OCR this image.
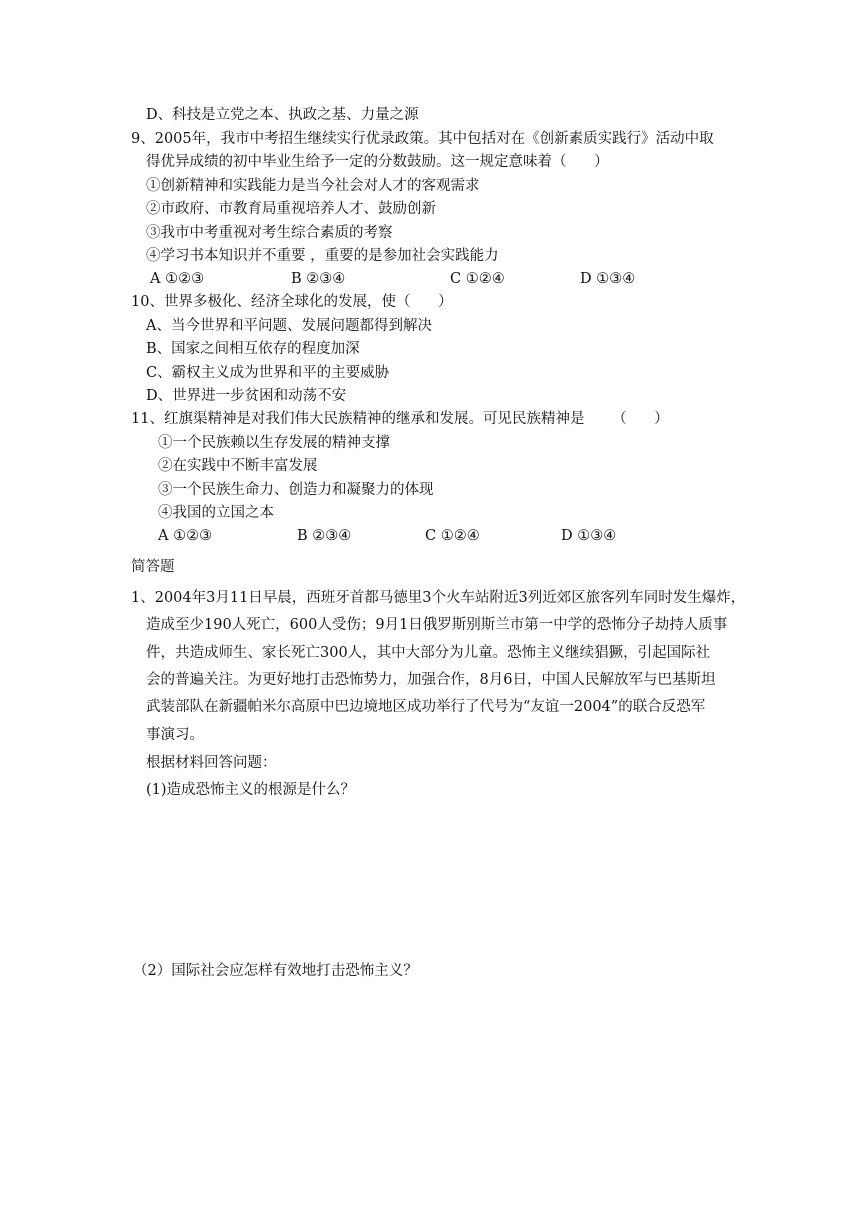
D、科技是立党之本、执政之基、力量之源
9、2005年，我市中考招生继续实行优录政策。其中包括对在《创新素质实践行》活动中取
得优异成绩的初中毕业生给予一定的分数鼓励。这一规定意味着（      ）
①创新精神和实践能力是当今社会对人才的客观需求
②市政府、市教育局重视培养人才、鼓励创新
③我市中考重视对考生综合素质的考察
④学习书本知识并不重要 ，重要的是参加社会实践能力
A ①②③	B ②③④	C ①②④	D ①③④
10、世界多极化、经济全球化的发展，使（      ）
A、当今世界和平问题、发展问题都得到解决
B、国家之间相互依存的程度加深
C、霸权主义成为世界和平的主要威胁
D、世界进一步贫困和动荡不安
11、红旗渠精神是对我们伟大民族精神的继承和发展。可见民族精神是      （      ）
①一个民族赖以生存发展的精神支撑
②在实践中不断丰富发展
③一个民族生命力、创造力和凝聚力的体现
④我国的立国之本
A ①②③	B ②③④	C ①②④	D ①③④
简答题
1、2004年3月11日早晨，西班牙首都马德里3个火车站附近3列近郊区旅客列车同时发生爆炸，
造成至少190人死亡，600人受伤；9月1日俄罗斯别斯兰市第一中学的恐怖分子劫持人质事
件，共造成师生、家长死亡300人，其中大部分为儿童。恐怖主义继续猖獗，引起国际社
会的普遍关注。为更好地打击恐怖势力，加强合作，8月6日，中国人民解放军与巴基斯坦
武装部队在新疆帕米尔高原中巴边境地区成功举行了代号为“友谊一2004”的联合反恐军
事演习。
根据材料回答问题：
(1)造成恐怖主义的根源是什么？
（2）国际社会应怎样有效地打击恐怖主义？
